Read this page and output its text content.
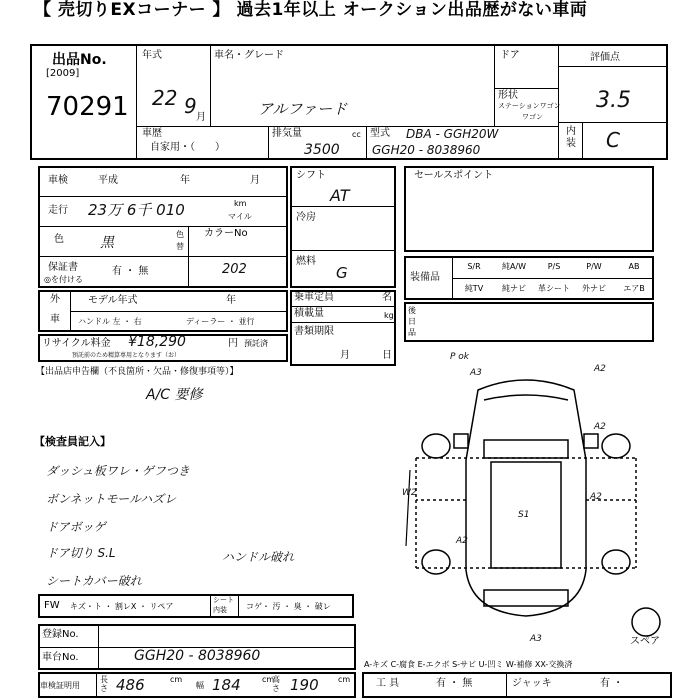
【 売切りEXコーナー 】 過去1年以上 オークション出品歴がない車両
出品No.
[2009]
70291
年式
22 9 月
車名・グレード
アルファード
ドア
形状
ステーションワゴン
ワゴン
評価点
3.5
内装 C
車歴
自家用・（　　）
排気量
3500
cc 型式 DBA - GGH20W
GGH20 - 8038960
車検	平成	年	月
走行 23万 6千 010	km
マイル
色	黒
色
替
保証書
◎を付ける
有 ・ 無
カラーNo
202
シフト
AT
冷房
燃料
G
乗車定員	名
積載量	kg
書類期限
月	日
外
車
モデル年式	年
ハンドル 左 ・ 右	ディーラー ・ 並行
リサイクル料金 ¥18,290	円 預託済
預託前のため精算専用となります（お）
セールスポイント
装備品
S/R	純A/W	P/S	P/W	AB
純TV	純ナビ	革シート	外ナビ	エアB
後
日
品
【出品店申告欄（不良箇所・欠品・修復事項等）】
A/C 要修
【検査員記入】
ダッシュ板ワレ・ゲフつき
ボンネットモールハズレ
ドアボッゲ
ドア切り S.L
シートカバー破れ
ハンドル破れ
P ok
A3	A2
A2
W2	A2
S1
A2
A3	スペア
FW キズ・ト ・ 割レX ・ リペア
シート
内装 コゲ・ 汚 ・ 臭 ・ 破レ
登録No.
車台No.	GGH20 - 8038960
A-キズ C-腐食 E-エクボ S-サビ U-凹ミ W-補修 XX-交換済
車検証明用
長さ 486	cm
幅 184	cm
高さ 190 cm	工 具	有 ・ 無	ジャッキ	有 ・
